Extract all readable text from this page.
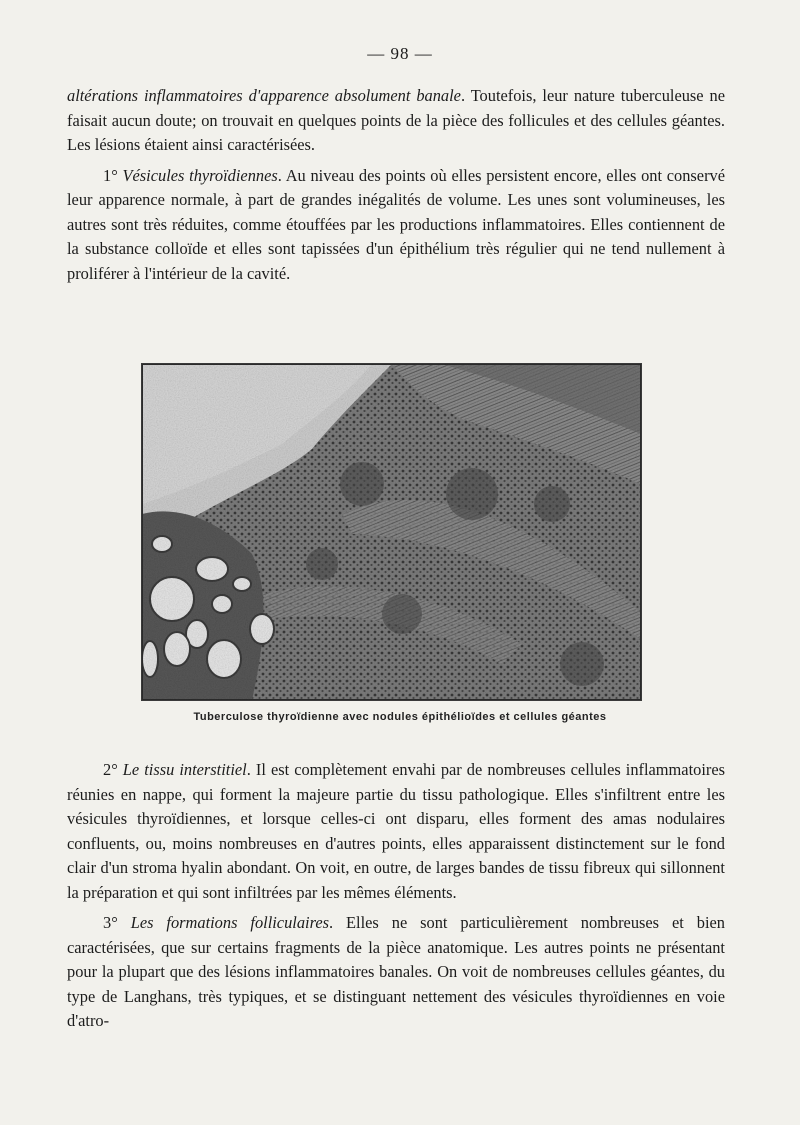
— 98 —

altérations inflammatoires d'apparence absolument banale. Toutefois, leur nature tuberculeuse ne faisait aucun doute; on trouvait en quelques points de la pièce des follicules et des cellules géantes. Les lésions étaient ainsi caractérisées.

1° Vésicules thyroïdiennes. Au niveau des points où elles persistent encore, elles ont conservé leur apparence normale, à part de grandes inégalités de volume. Les unes sont volumineuses, les autres sont très réduites, comme étouffées par les productions inflammatoires. Elles contiennent de la substance colloïde et elles sont tapissées d'un épithélium très régulier qui ne tend nullement à proliférer à l'intérieur de la cavité.

Tuberculose thyroïdienne avec nodules épithélioïdes et cellules géantes

2° Le tissu interstitiel. Il est complètement envahi par de nombreuses cellules inflammatoires réunies en nappe, qui forment la majeure partie du tissu pathologique. Elles s'infiltrent entre les vésicules thyroïdiennes, et lorsque celles-ci ont disparu, elles forment des amas nodulaires confluents, ou, moins nombreuses en d'autres points, elles apparaissent distinctement sur le fond clair d'un stroma hyalin abondant. On voit, en outre, de larges bandes de tissu fibreux qui sillonnent la préparation et qui sont infiltrées par les mêmes éléments.

3° Les formations folliculaires. Elles ne sont particulièrement nombreuses et bien caractérisées, que sur certains fragments de la pièce anatomique. Les autres points ne présentant pour la plupart que des lésions inflammatoires banales. On voit de nombreuses cellules géantes, du type de Langhans, très typiques, et se distinguant nettement des vésicules thyroïdiennes en voie d'atro-
